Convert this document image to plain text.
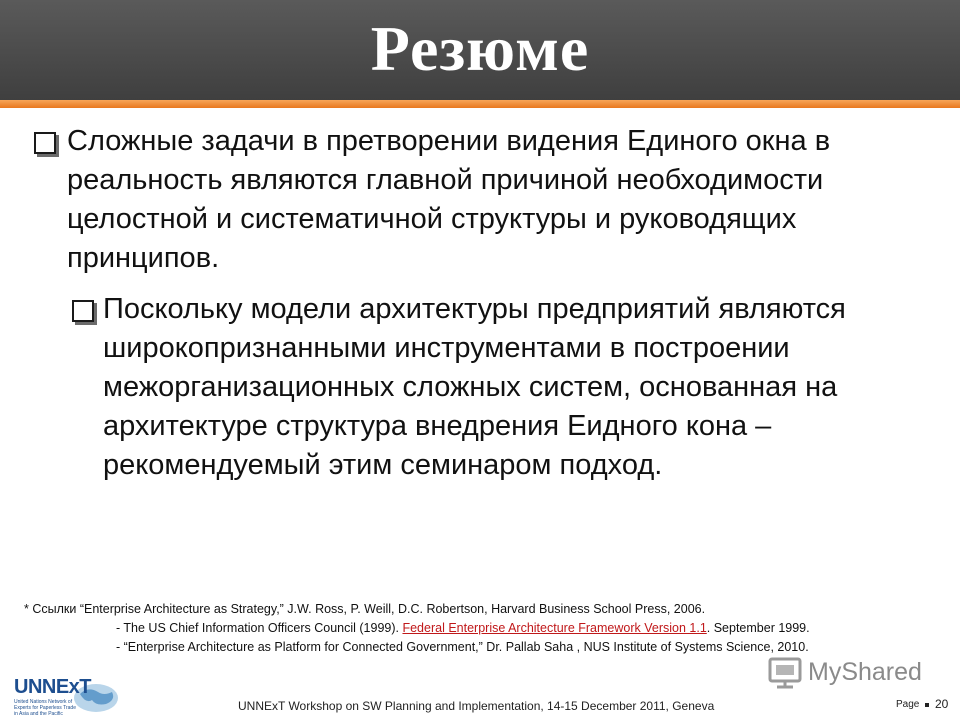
Резюме
Сложные задачи в претворении видения Единого окна в реальность являются главной причиной необходимости целостной и систематичной структуры и руководящих принципов.
Поскольку модели архитектуры предприятий являются широкопризнанными инструментами в построении межорганизационных сложных систем, основанная на архитектуре структура внедрения Еидного кона – рекомендуемый этим семинаром подход.
* Ссылки “Enterprise Architecture as Strategy,” J.W. Ross, P. Weill, D.C. Robertson, Harvard Business School Press, 2006.
- The US Chief Information Officers Council (1999). Federal Enterprise Architecture Framework Version 1.1. September 1999.
- “Enterprise Architecture as Platform for Connected Government,” Dr. Pallab Saha , NUS Institute of Systems Science, 2010.
UNNExT
United Nations Network of Experts for Paperless Trade in Asia and the Pacific
UNNExT Workshop on SW Planning and Implementation, 14-15 December 2011, Geneva
MyShared
Page 20
